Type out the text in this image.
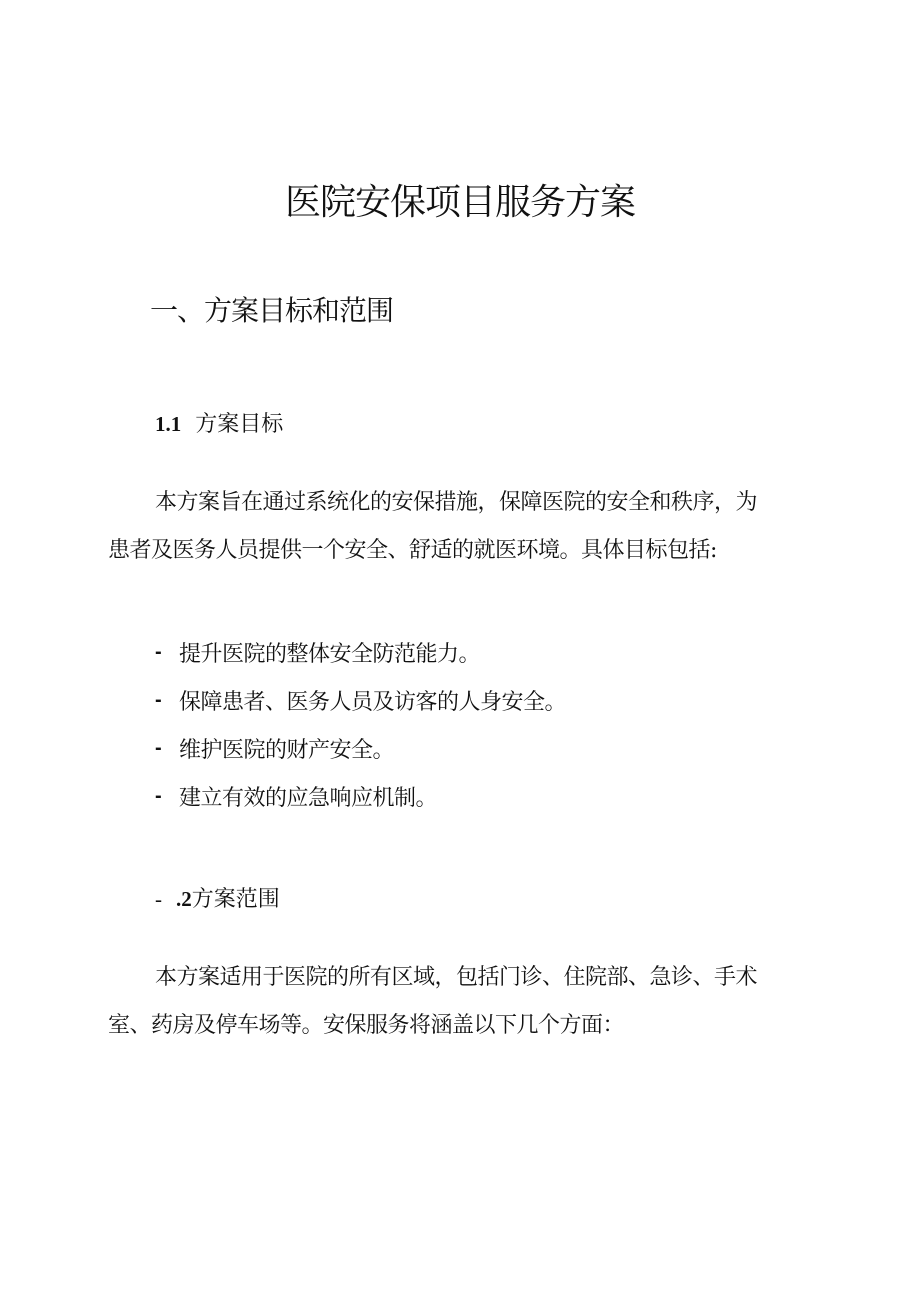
医院安保项目服务方案
一、方案目标和范围
1.1 方案目标
本方案旨在通过系统化的安保措施，保障医院的安全和秩序，为
患者及医务人员提供一个安全、舒适的就医环境。具体目标包括:
- 提升医院的整体安全防范能力。
- 保障患者、医务人员及访客的人身安全。
- 维护医院的财产安全。
- 建立有效的应急响应机制。
- .2 方案范围
本方案适用于医院的所有区域，包括门诊、住院部、急诊、手术
室、药房及停车场等。安保服务将涵盖以下几个方面：
